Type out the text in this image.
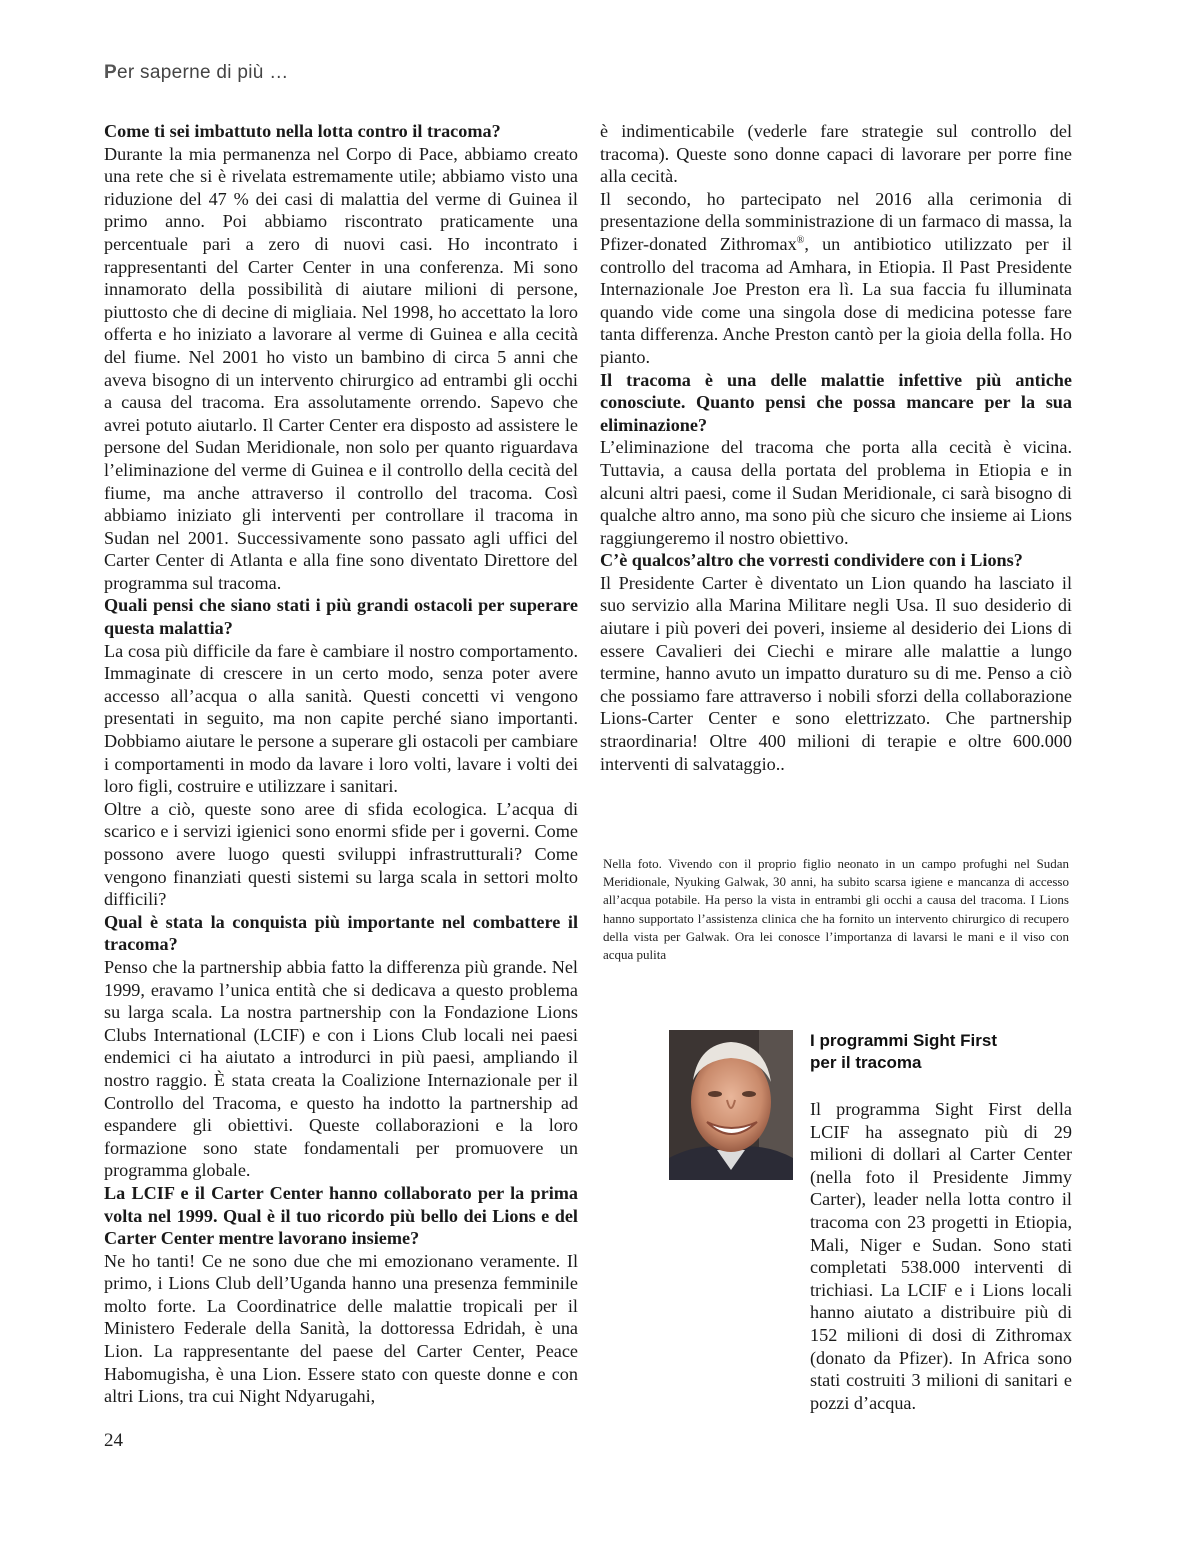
Per saperne di più …

Come ti sei imbattuto nella lotta contro il tracoma?

Durante la mia permanenza nel Corpo di Pace, abbiamo creato una rete che si è rivelata estremamente utile; abbiamo visto una riduzione del 47 % dei casi di malattia del verme di Guinea il primo anno. Poi abbiamo riscontrato praticamente una percentuale pari a zero di nuovi casi. Ho incontrato i rappresentanti del Carter Center in una conferenza. Mi sono innamorato della possibilità di aiutare milioni di persone, piuttosto che di decine di migliaia. Nel 1998, ho accettato la loro offerta e ho iniziato a lavorare al verme di Guinea e alla cecità del fiume. Nel 2001 ho visto un bambino di circa 5 anni che aveva bisogno di un intervento chirurgico ad entrambi gli occhi a causa del tracoma. Era assolutamente orrendo. Sapevo che avrei potuto aiutarlo. Il Carter Center era disposto ad assistere le persone del Sudan Meridionale, non solo per quanto riguardava l’eliminazione del verme di Guinea e il controllo della cecità del fiume, ma anche attraverso il controllo del tracoma. Così abbiamo iniziato gli interventi per controllare il tracoma in Sudan nel 2001. Successivamente sono passato agli uffici del Carter Center di Atlanta e alla fine sono diventato Direttore del programma sul tracoma.

Quali pensi che siano stati i più grandi ostacoli per superare questa malattia?

La cosa più difficile da fare è cambiare il nostro comportamento. Immaginate di crescere in un certo modo, senza poter avere accesso all’acqua o alla sanità. Questi concetti vi vengono presentati in seguito, ma non capite perché siano importanti. Dobbiamo aiutare le persone a superare gli ostacoli per cambiare i comportamenti in modo da lavare i loro volti, lavare i volti dei loro figli, costruire e utilizzare i sanitari.

Oltre a ciò, queste sono aree di sfida ecologica. L’acqua di scarico e i servizi igienici sono enormi sfide per i governi. Come possono avere luogo questi sviluppi infrastrutturali? Come vengono finanziati questi sistemi su larga scala in settori molto difficili?

Qual è stata la conquista più importante nel combattere il tracoma?

Penso che la partnership abbia fatto la differenza più grande. Nel 1999, eravamo l’unica entità che si dedicava a questo problema su larga scala. La nostra partnership con la Fondazione Lions Clubs International (LCIF) e con i Lions Club locali nei paesi endemici ci ha aiutato a introdurci in più paesi, ampliando il nostro raggio. È stata creata la Coalizione Internazionale per il Controllo del Tracoma, e questo ha indotto la partnership ad espandere gli obiettivi. Queste collaborazioni e la loro formazione sono state fondamentali per promuovere un programma globale.

La LCIF e il Carter Center hanno collaborato per la prima volta nel 1999. Qual è il tuo ricordo più bello dei Lions e del Carter Center mentre lavorano insieme?

Ne ho tanti! Ce ne sono due che mi emozionano veramente. Il primo, i Lions Club dell’Uganda hanno una presenza femminile molto forte. La Coordinatrice delle malattie tropicali per il Ministero Federale della Sanità, la dottoressa Edridah, è una Lion. La rappresentante del paese del Carter Center, Peace Habomugisha, è una Lion. Essere stato con queste donne e con altri Lions, tra cui Night Ndyarugahi,

è indimenticabile (vederle fare strategie sul controllo del tracoma). Queste sono donne capaci di lavorare per porre fine alla cecità.

Il secondo, ho partecipato nel 2016 alla cerimonia di presentazione della somministrazione di un farmaco di massa, la Pfizer-donated Zithromax®, un antibiotico utilizzato per il controllo del tracoma ad Amhara, in Etiopia. Il Past Presidente Internazionale Joe Preston era lì. La sua faccia fu illuminata quando vide come una singola dose di medicina potesse fare tanta differenza. Anche Preston cantò per la gioia della folla. Ho pianto.

Il tracoma è una delle malattie infettive più antiche conosciute. Quanto pensi che possa mancare per la sua eliminazione?

L’eliminazione del tracoma che porta alla cecità è vicina. Tuttavia, a causa della portata del problema in Etiopia e in alcuni altri paesi, come il Sudan Meridionale, ci sarà bisogno di qualche altro anno, ma sono più che sicuro che insieme ai Lions raggiungeremo il nostro obiettivo.

C’è qualcos’altro che vorresti condividere con i Lions?

Il Presidente Carter è diventato un Lion quando ha lasciato il suo servizio alla Marina Militare negli Usa. Il suo desiderio di aiutare i più poveri dei poveri, insieme al desiderio dei Lions di essere Cavalieri dei Ciechi e mirare alle malattie a lungo termine, hanno avuto un impatto duraturo su di me. Penso a ciò che possiamo fare attraverso i nobili sforzi della collaborazione Lions-Carter Center e sono elettrizzato. Che partnership straordinaria! Oltre 400 milioni di terapie e oltre 600.000 interventi di salvataggio..

Nella foto. Vivendo con il proprio figlio neonato in un campo profughi nel Sudan Meridionale, Nyuking Galwak, 30 anni, ha subito scarsa igiene e mancanza di accesso all’acqua potabile. Ha perso la vista in entrambi gli occhi a causa del tracoma. I Lions hanno supportato l’assistenza clinica che ha fornito un intervento chirurgico di recupero della vista per Galwak. Ora lei conosce l’importanza di lavarsi le mani e il viso con acqua pulita
I programmi Sight First
per il tracoma
Il programma Sight First della LCIF ha assegnato più di 29 milioni di dollari al Carter Center (nella foto il Presidente Jimmy Carter), leader nella lotta contro il tracoma con 23 progetti in Etiopia, Mali, Niger e Sudan. Sono stati completati 538.000 interventi di trichiasi. La LCIF e i Lions locali hanno aiutato a distribuire più di 152 milioni di dosi di Zithromax (donato da Pfizer). In Africa sono stati costruiti 3 milioni di sanitari e pozzi d’acqua.
24
